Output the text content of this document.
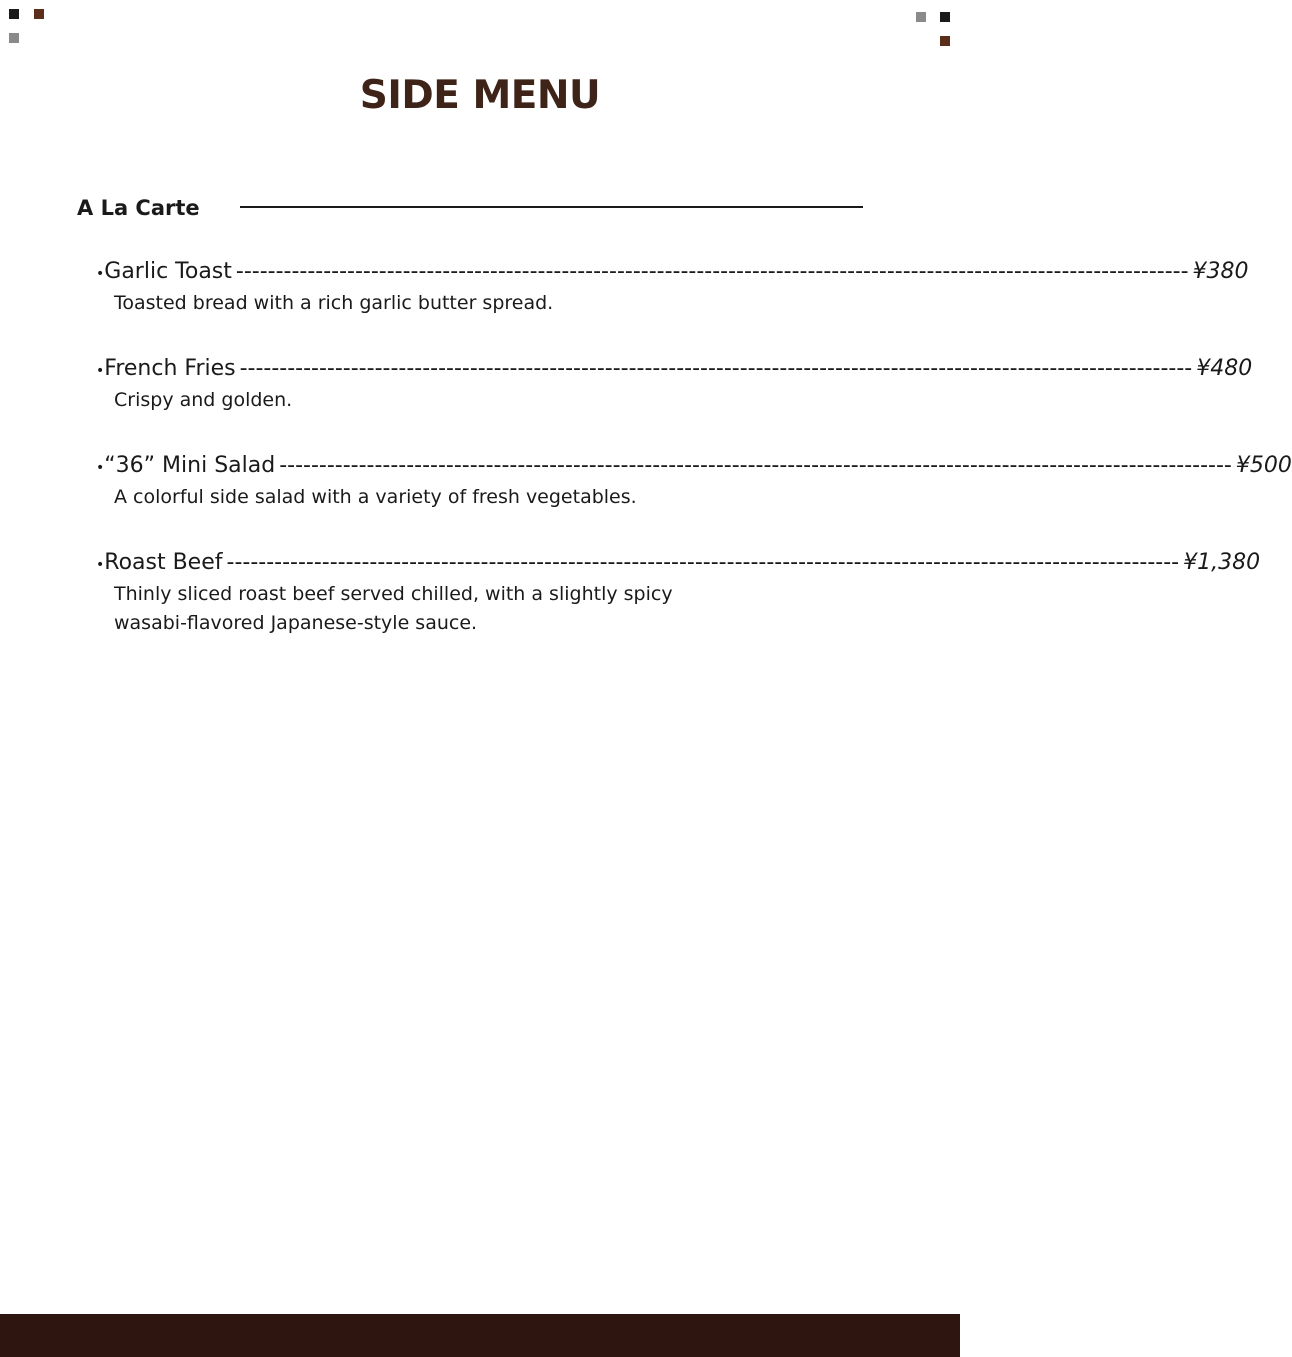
SIDE MENU
A La Carte
• Garlic Toast ------------------------------------------------------------------------------------------------------------------------ ¥380

Toasted bread with a rich garlic butter spread.

• French Fries ------------------------------------------------------------------------------------------------------------------------ ¥480

Crispy and golden.

• “36” Mini Salad ------------------------------------------------------------------------------------------------------------------------ ¥500

A colorful side salad with a variety of fresh vegetables.

• Roast Beef ------------------------------------------------------------------------------------------------------------------------ ¥1,380

Thinly sliced roast beef served chilled, with a slightly spicy wasabi-flavored Japanese-style sauce.
